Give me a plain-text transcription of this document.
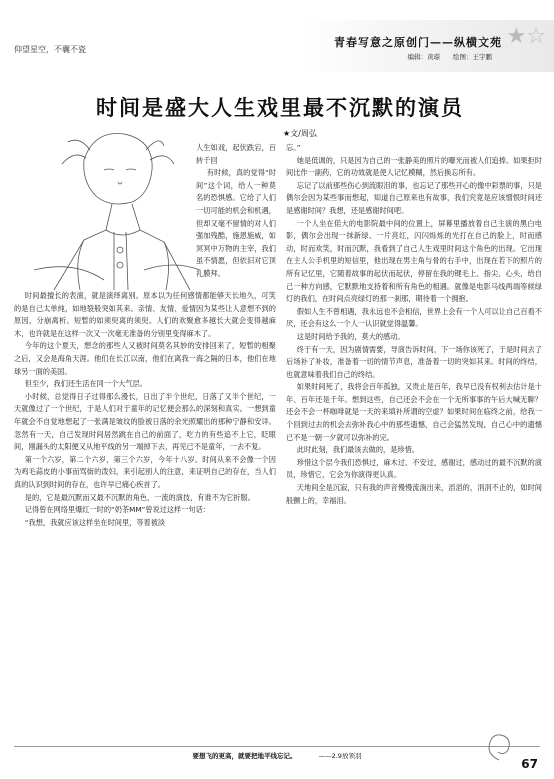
仰望星空，不囊不瓷
★☆
青春写意之原创门——纵横文苑
编辑：黄璟　　绘图：王宇鹏
时间是盛大人生戏里最不沉默的演员
★文/周弘

人生如戏，起伏跌宕，百转千回

有时候，真的觉得“时间”这个词，给人一种莫名的恐惧感。它给了人们一切可能的机会和机遇，但却又毫不留情的对人们强加残酷，施恩施威，如冥冥中万物的主宰，我们虽不情愿，但依旧对它顶礼膜拜。

时间最擅长的表演，就是演绎离别。原本以为任何感情都能够天长地久，可笑的是自己太单纯，如地裂般突如其来。亲情、友情、爱情因为某些让人意想不到的原因，分崩离析。短暂的如须臾离的须臾。人们的欢聚愈多越长大就会变得越麻木，也许就是在这样一次又一次毫无准备的分别里变得麻木了。

今年的这个夏天，想念的那些人又被时间莫名其妙的安排回来了，短暂的相聚之后，又会是海角天涯。他们在长江以南，他们在离我一海之隔的日本，他们在地球另一面的美国。

但至少，我们还生活在同一个大气层。

小时候，总觉得日子过得那么漫长，日出了半个世纪，日落了又半个世纪，一天就像过了一个世纪，于是人们对于童年的记忆便会那么的深刻和真实。一想到童年就会不自觉地想起了一张满是皱纹的脸被日落的余光照耀出的那种宁静和安详。忽然有一天，自己发现时间居然跳在自己的前面了，吃力的有些追不上它，眨眼间，刚漏头的太阳便又从地平线的另一端掉下去，再见已不是童年，一去不复。

第一个六岁，第二个六岁，第三个六岁，今年十八岁。时间从来不会像一个因为鸡毛蒜皮的小事而骂街的泼妇，来引起别人的注意，来证明自己的存在，当人们真的认识到时间的存在，也许早已痛心疾首了。

是的，它是最沉默而又最不沉默的角色，一流的演技，有谁不为它折服。

记得曾在网络里爆红一时的“奶茶MM”曾说过这样一句话：

“我想，我就应该这样坐在时间里，等着被淡

忘。”

她是低调的，只是因为自己的一张静美的照片的曝光而被人们追捧。如果拒时间比作一副药，它的功效就是使人记忆模糊，然后换忘所有。

忘记了以前那些伤心到流眼泪的事，也忘记了那些开心的像中彩票的事，只是偶尔会因为某些事而想起，知道自己原来也有故事，我们究竟是应该憎恨时间还是感谢时间？我想，还是感谢时间吧。

一个人坐在偌大的电影院最中间的位置上，屏幕里播放着自己主演的黑白电影，偶尔会出现一抹新绿、一片亮红，闪闪烁烁的光打在自己的脸上，时而感动，时而欢笑，时而沉默，我看到了自己人生戏里时间这个角色的出现。它出现在主人公手机里的短信里，他出现在男主角与骨的右手中，出现在若下的照片的所有记忆里，它随着故事的起伏而起伏，停留在我的键毛上、指尖、心头，给自己一种方向感，它默默地支持着和所有角色的相遇。就像是电影马线两端等候绿灯的我们，在时间点亮绿灯的那一刹那，期待着一个拥抱。

假如人生不曾相遇，我永远也不会相信，世界上会有一个人可以让自己百看不厌，还会有这么一个人一认识就觉得温馨。

这是时间给予我的，莫大的感动。

终于有一天，因为剧情需要，导演告诉时间，下一场你该死了，于是时间去了后场补了补妆，准备着一切的情节声息，准备着一切的突如其来。时间的终结，也就意味着我们自己的终结。

如果时间死了，我将会百年孤独，又贵止是百年，我早已没有权利去估计是十年、百年还是千年。想到这些，自己还会不会在一个无所事事的午后大喊无聊？还会不会一杯咖啡就是一天的来填补所谓的空虚？如果时间在临终之前，给我一个回到过去的机会去弥补我心中的那些遗憾，自己会猛然发现，自己心中的遗憾已不是一朝一夕就可以弥补的完。

此时此刻，我们最该去做的，是珍惜。

珍惜这个层今我们恐惧过，麻木过、不安过，感谢过，感动过的最不沉默的演员，珍惜它，它会为你演得更认真。

天地间全是沉寂，只有我的声音慢慢流淌出来，滔滔的，涓涓不止的，如时间般颤上的，幸福泪。

要想飞的更高，就要把地平线忘记。	——2.9放领羽
67
